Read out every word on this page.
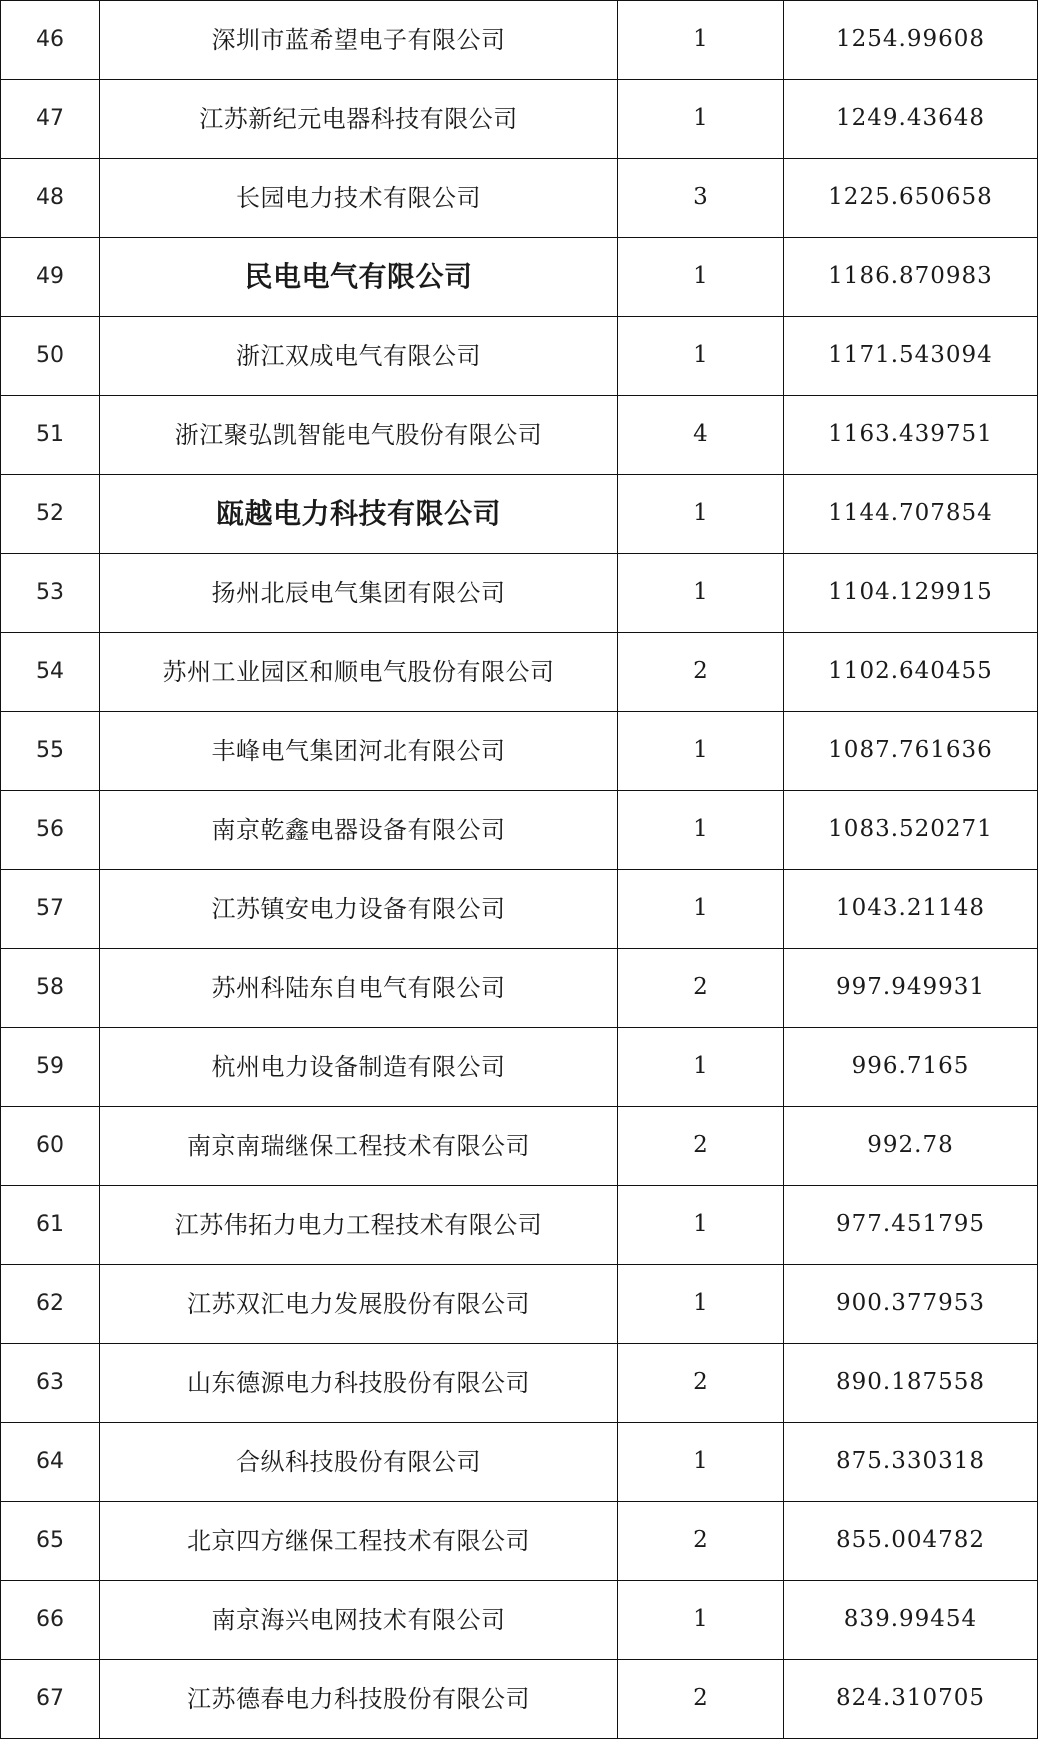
46	深圳市蓝希望电子有限公司	1	1254.99608
47	江苏新纪元电器科技有限公司	1	1249.43648
48	长园电力技术有限公司	3	1225.650658
49	民电电气有限公司	1	1186.870983
50	浙江双成电气有限公司	1	1171.543094
51	浙江聚弘凯智能电气股份有限公司	4	1163.439751
52	瓯越电力科技有限公司	1	1144.707854
53	扬州北辰电气集团有限公司	1	1104.129915
54	苏州工业园区和顺电气股份有限公司	2	1102.640455
55	丰峰电气集团河北有限公司	1	1087.761636
56	南京乾鑫电器设备有限公司	1	1083.520271
57	江苏镇安电力设备有限公司	1	1043.21148
58	苏州科陆东自电气有限公司	2	997.949931
59	杭州电力设备制造有限公司	1	996.7165
60	南京南瑞继保工程技术有限公司	2	992.78
61	江苏伟拓力电力工程技术有限公司	1	977.451795
62	江苏双汇电力发展股份有限公司	1	900.377953
63	山东德源电力科技股份有限公司	2	890.187558
64	合纵科技股份有限公司	1	875.330318
65	北京四方继保工程技术有限公司	2	855.004782
66	南京海兴电网技术有限公司	1	839.99454
67	江苏德春电力科技股份有限公司	2	824.310705
